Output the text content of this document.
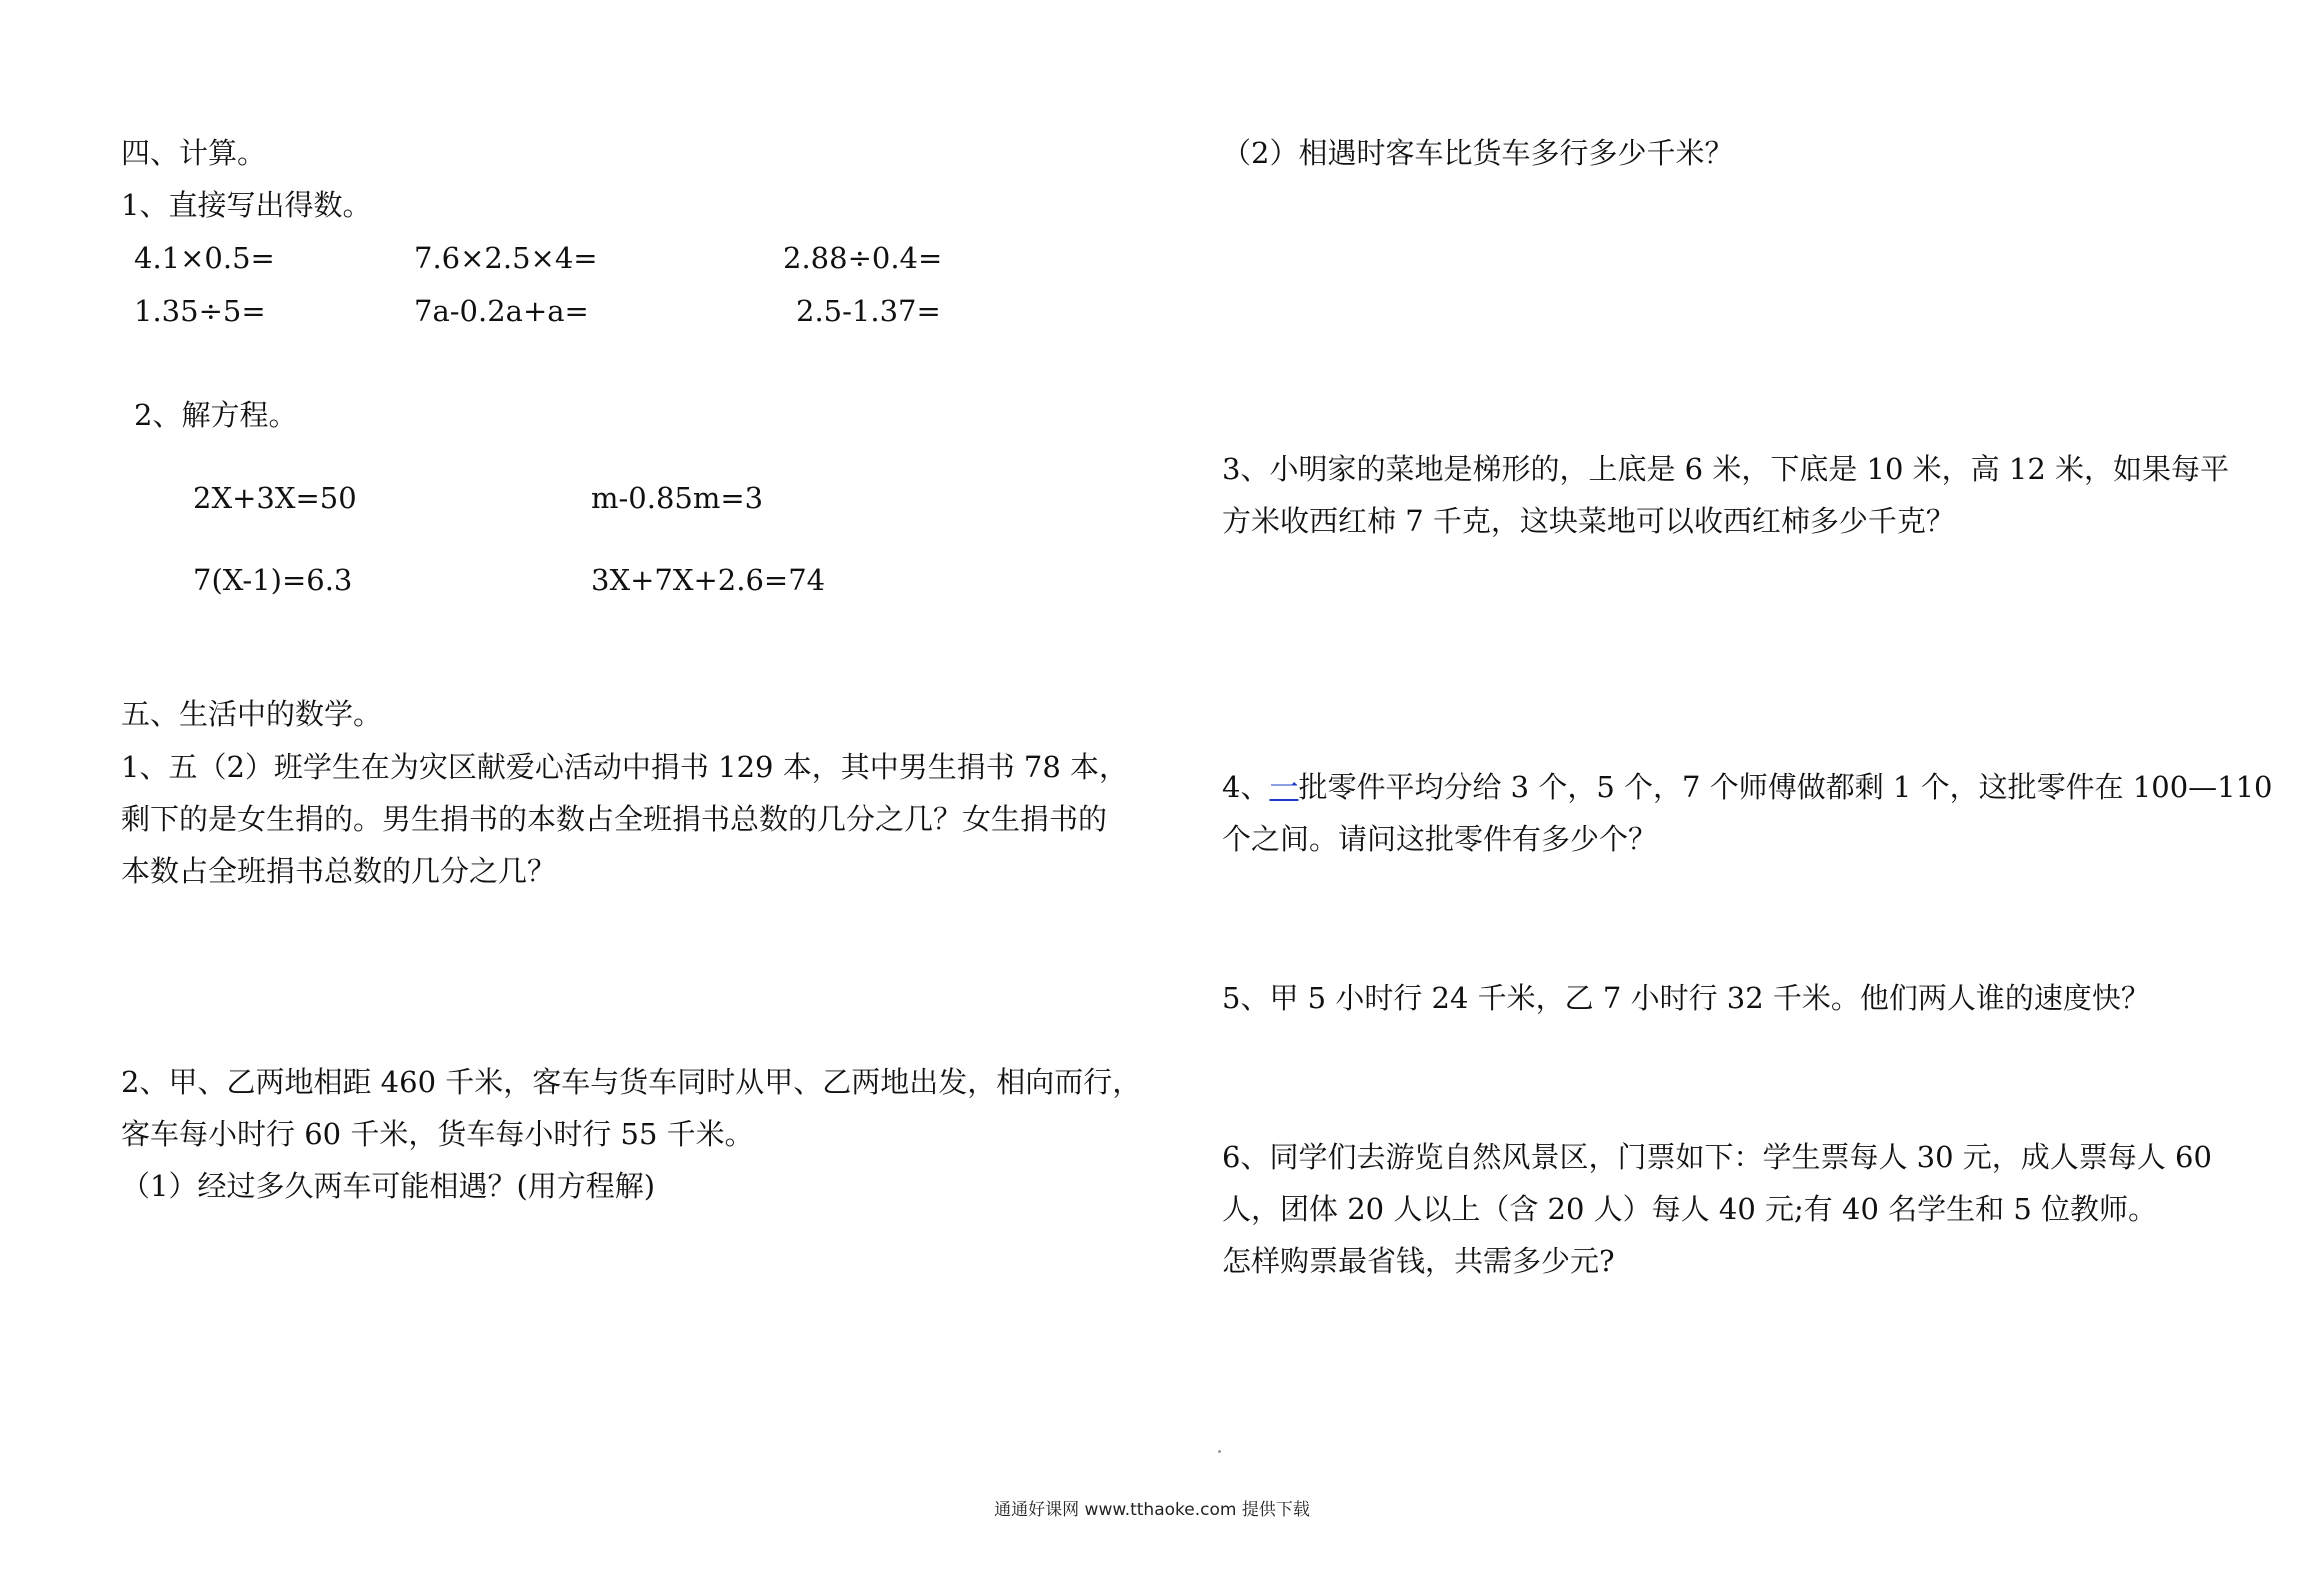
四、计算。
1、直接写出得数。
4.1×0.5=	7.6×2.5×4=	2.88÷0.4=
1.35÷5=	7a-0.2a+a=	2.5-1.37=
2、解方程。
2X+3X=50	m-0.85m=3
7(X-1)=6.3	3X+7X+2.6=74
五、生活中的数学。
1、五（2）班学生在为灾区献爱心活动中捐书 129 本，其中男生捐书 78 本，
剩下的是女生捐的。男生捐书的本数占全班捐书总数的几分之几？女生捐书的
本数占全班捐书总数的几分之几？
2、甲、乙两地相距 460 千米，客车与货车同时从甲、乙两地出发，相向而行，
客车每小时行 60 千米，货车每小时行 55 千米。
（1）经过多久两车可能相遇？(用方程解)
（2）相遇时客车比货车多行多少千米？
3、小明家的菜地是梯形的，上底是 6 米，下底是 10 米，高 12 米，如果每平
方米收西红柿 7 千克，这块菜地可以收西红柿多少千克？
4、一批零件平均分给 3 个，5 个，7 个师傅做都剩 1 个，这批零件在 100—110
个之间。请问这批零件有多少个？
5、甲 5 小时行 24 千米，乙 7 小时行 32 千米。他们两人谁的速度快？
6、同学们去游览自然风景区，门票如下：学生票每人 30 元，成人票每人 60
人，团体 20 人以上（含 20 人）每人 40 元;有 40 名学生和 5 位教师。
怎样购票最省钱，共需多少元?
通通好课网 www.tthaoke.com 提供下载
